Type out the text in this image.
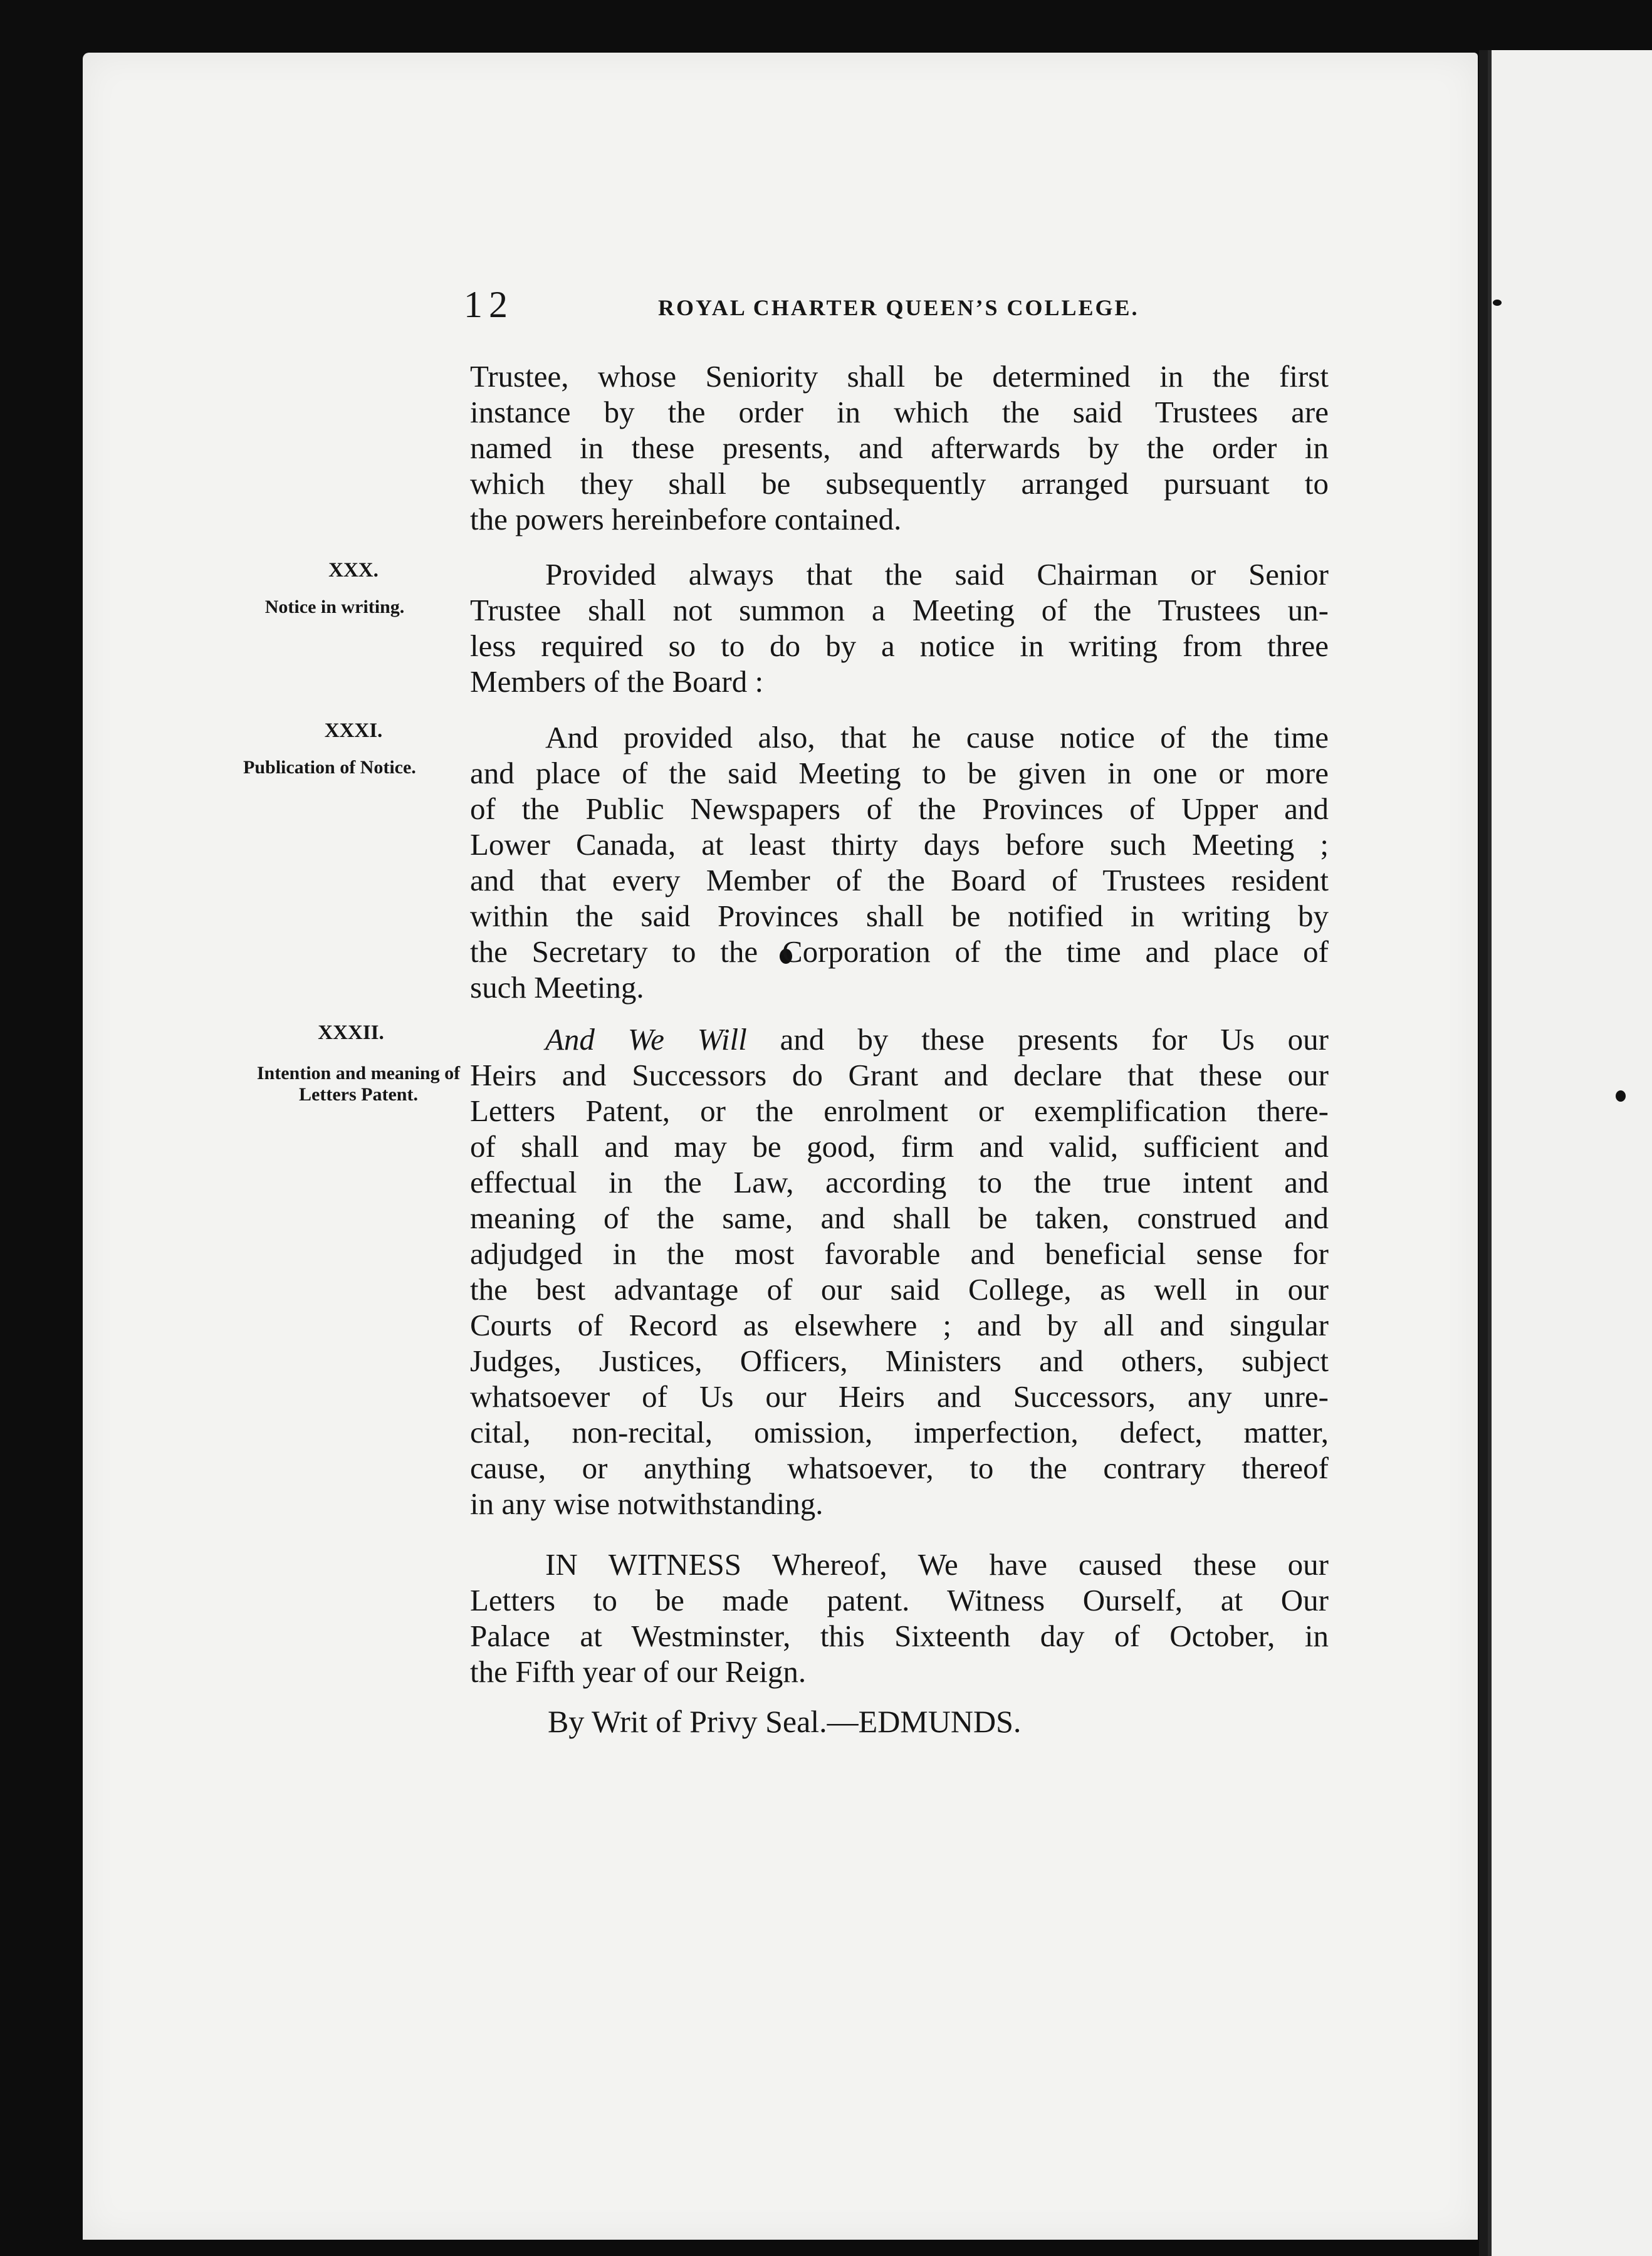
12	ROYAL CHARTER QUEEN’S COLLEGE.
Trustee, whose Seniority shall be determined in the first
instance by the order in which the said Trustees are
named in these presents, and afterwards by the order in
which they shall be subsequently arranged pursuant to
the powers hereinbefore contained.
XXX.
Notice in writing.
Provided always that the said Chairman or Senior
Trustee shall not summon a Meeting of the Trustees un-
less required so to do by a notice in writing from three
Members of the Board :
XXXI.
Publication of Notice.
And provided also, that he cause notice of the time
and place of the said Meeting to be given in one or more
of the Public Newspapers of the Provinces of Upper and
Lower Canada, at least thirty days before such Meeting ;
and that every Member of the Board of Trustees resident
within the said Provinces shall be notified in writing by
the Secretary to the Corporation of the time and place of
such Meeting.
XXXII.
Intention and meaning of Letters Patent.
And We Will and by these presents for Us our
Heirs and Successors do Grant and declare that these our
Letters Patent, or the enrolment or exemplification there-
of shall and may be good, firm and valid, sufficient and
effectual in the Law, according to the true intent and
meaning of the same, and shall be taken, construed and
adjudged in the most favorable and beneficial sense for
the best advantage of our said College, as well in our
Courts of Record as elsewhere ; and by all and singular
Judges, Justices, Officers, Ministers and others, subject
whatsoever of Us our Heirs and Successors, any unre-
cital, non-recital, omission, imperfection, defect, matter,
cause, or anything whatsoever, to the contrary thereof
in any wise notwithstanding.
IN WITNESS Whereof, We have caused these our
Letters to be made patent. Witness Ourself, at Our
Palace at Westminster, this Sixteenth day of October, in
the Fifth year of our Reign.
By Writ of Privy Seal.—EDMUNDS.
